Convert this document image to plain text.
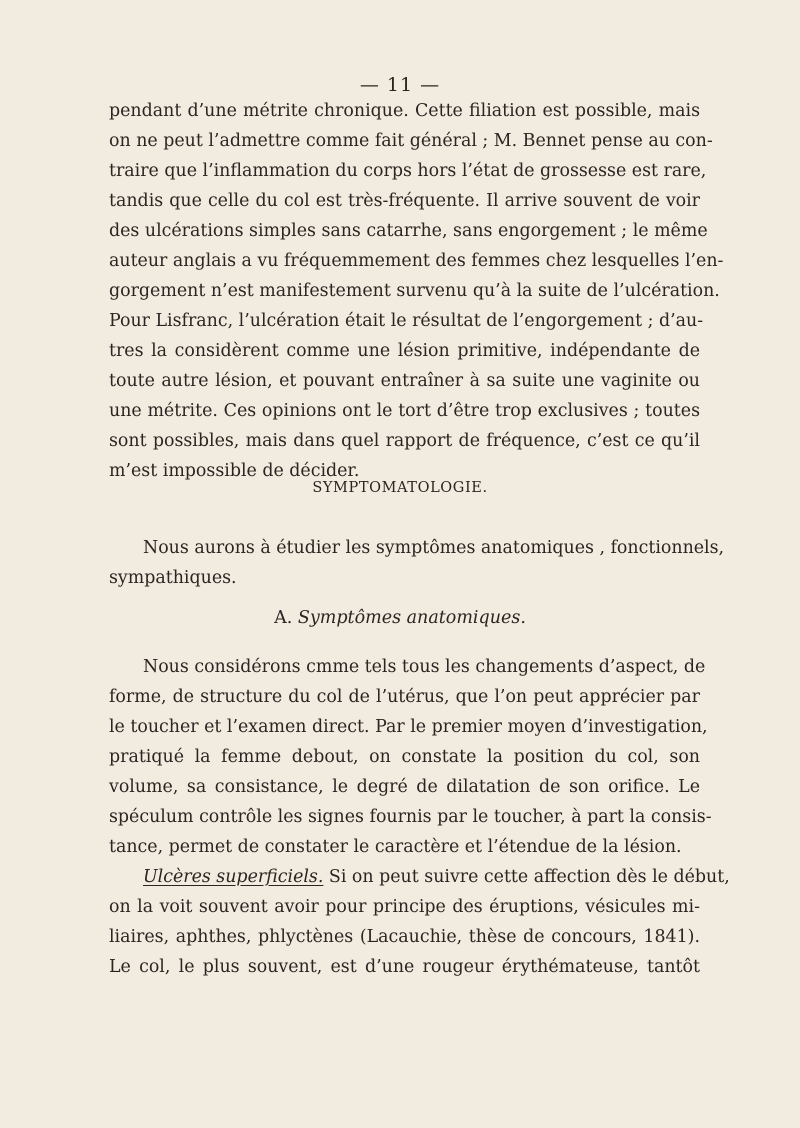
— 11 —
pendant d’une métrite chronique. Cette filiation est possible, mais
on ne peut l’admettre comme fait général ; M. Bennet pense au con-
traire que l’inflammation du corps hors l’état de grossesse est rare,
tandis que celle du col est très-fréquente. Il arrive souvent de voir
des ulcérations simples sans catarrhe, sans engorgement ; le même
auteur anglais a vu fréquemmement des femmes chez lesquelles l’en-
gorgement n’est manifestement survenu qu’à la suite de l’ulcération.
Pour Lisfranc, l’ulcération était le résultat de l’engorgement ; d’au-
tres la considèrent comme une lésion primitive, indépendante de
toute autre lésion, et pouvant entraîner à sa suite une vaginite ou
une métrite. Ces opinions ont le tort d’être trop exclusives ; toutes
sont possibles, mais dans quel rapport de fréquence, c’est ce qu’il
m’est impossible de décider.
SYMPTOMATOLOGIE.
Nous aurons à étudier les symptômes anatomiques , fonctionnels,
sympathiques.
A. Symptômes anatomiques.
Nous considérons cmme tels tous les changements d’aspect, de
forme, de structure du col de l’utérus, que l’on peut apprécier par
le toucher et l’examen direct. Par le premier moyen d’investigation,
pratiqué la femme debout, on constate la position du col, son
volume, sa consistance, le degré de dilatation de son orifice. Le
spéculum contrôle les signes fournis par le toucher, à part la consis-
tance, permet de constater le caractère et l’étendue de la lésion.
Ulcères superficiels. Si on peut suivre cette affection dès le début,
on la voit souvent avoir pour principe des éruptions, vésicules mi-
liaires, aphthes, phlyctènes (Lacauchie, thèse de concours, 1841).
Le col, le plus souvent, est d’une rougeur érythémateuse, tantôt
